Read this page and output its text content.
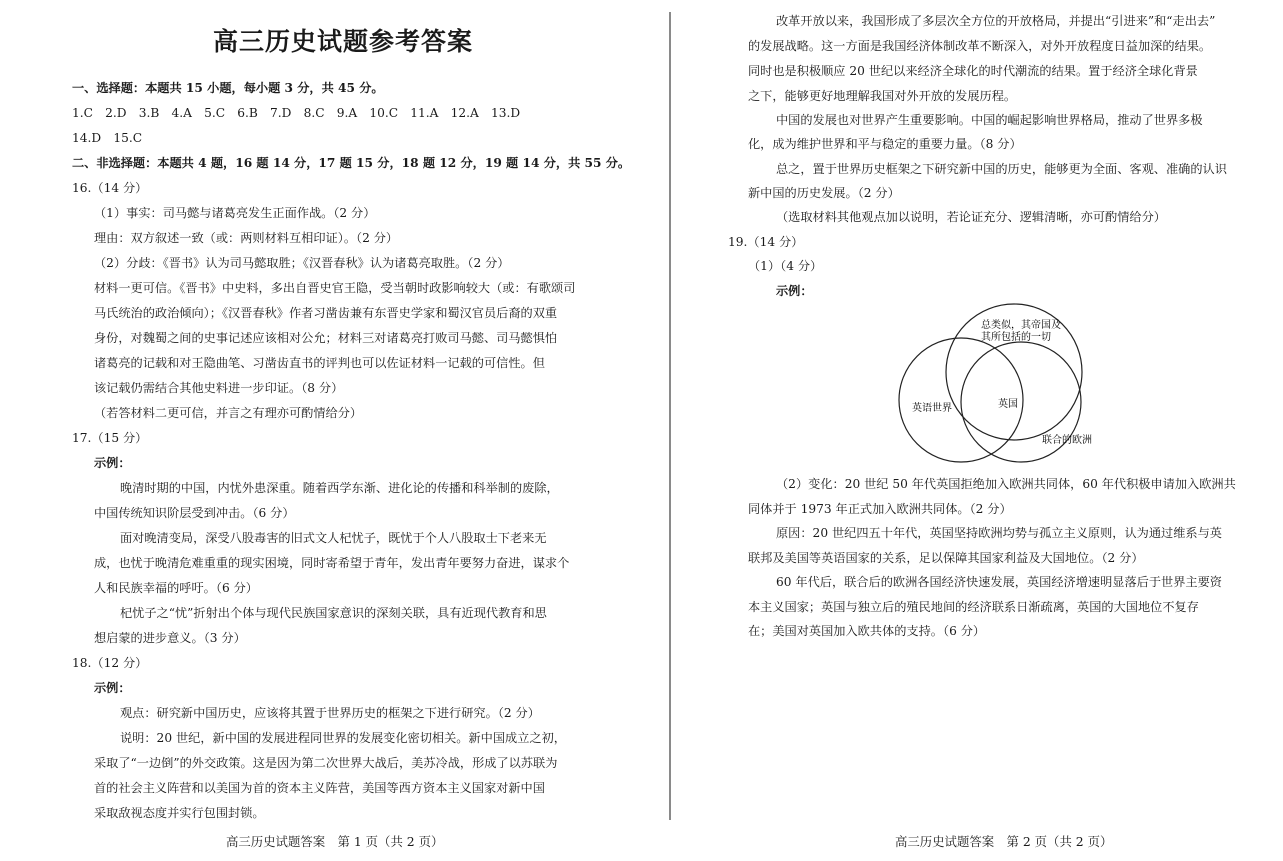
高三历史试题参考答案
一、选择题：本题共 15 小题，每小题 3 分，共 45 分。
1.C　2.D　3.B　4.A　5.C　6.B　7.D　8.C　9.A　10.C　11.A　12.A　13.D
14.D　15.C
二、非选择题：本题共 4 题，16 题 14 分，17 题 15 分，18 题 12 分，19 题 14 分，共 55 分。
16.（14 分）
（1）事实：司马懿与诸葛亮发生正面作战。（2 分）
理由：双方叙述一致（或：两则材料互相印证）。（2 分）
（2）分歧：《晋书》认为司马懿取胜；《汉晋春秋》认为诸葛亮取胜。（2 分）
材料一更可信。《晋书》中史料，多出自晋史官王隐，受当朝时政影响较大（或：有歌颂司
马氏统治的政治倾向）；《汉晋春秋》作者习凿齿兼有东晋史学家和蜀汉官员后裔的双重
身份，对魏蜀之间的史事记述应该相对公允；材料三对诸葛亮打败司马懿、司马懿惧怕
诸葛亮的记载和对王隐曲笔、习凿齿直书的评判也可以佐证材料一记载的可信性。但
该记载仍需结合其他史料进一步印证。（8 分）
（若答材料二更可信，并言之有理亦可酌情给分）
17.（15 分）
示例：
晚清时期的中国，内忧外患深重。随着西学东渐、进化论的传播和科举制的废除，
中国传统知识阶层受到冲击。（6 分）
面对晚清变局，深受八股毒害的旧式文人杞忧子，既忧于个人八股取士下老来无
成，也忧于晚清危难重重的现实困境，同时寄希望于青年，发出青年要努力奋进，谋求个
人和民族幸福的呼吁。（6 分）
杞忧子之“忧”折射出个体与现代民族国家意识的深刻关联，具有近现代教育和思
想启蒙的进步意义。（3 分）
18.（12 分）
示例：
观点：研究新中国历史，应该将其置于世界历史的框架之下进行研究。（2 分）
说明：20 世纪，新中国的发展进程同世界的发展变化密切相关。新中国成立之初，
采取了“一边倒”的外交政策。这是因为第二次世界大战后，美苏冷战，形成了以苏联为
首的社会主义阵营和以美国为首的资本主义阵营，美国等西方资本主义国家对新中国
采取敌视态度并实行包围封锁。
高三历史试题答案　第 1 页（共 2 页）
改革开放以来，我国形成了多层次全方位的开放格局，并提出“引进来”和“走出去”
的发展战略。这一方面是我国经济体制改革不断深入，对外开放程度日益加深的结果。
同时也是积极顺应 20 世纪以来经济全球化的时代潮流的结果。置于经济全球化背景
之下，能够更好地理解我国对外开放的发展历程。
中国的发展也对世界产生重要影响。中国的崛起影响世界格局，推动了世界多极
化，成为维护世界和平与稳定的重要力量。（8 分）
总之，置于世界历史框架之下研究新中国的历史，能够更为全面、客观、准确的认识
新中国的历史发展。（2 分）
（选取材料其他观点加以说明，若论证充分、逻辑清晰，亦可酌情给分）
19.（14 分）
（1）（4 分）
示例：
总类似，其帝国及
其所包括的一切
英语世界	英国
联合的欧洲
（2）变化：20 世纪 50 年代英国拒绝加入欧洲共同体，60 年代积极申请加入欧洲共
同体并于 1973 年正式加入欧洲共同体。（2 分）
原因：20 世纪四五十年代，英国坚持欧洲均势与孤立主义原则，认为通过维系与英
联邦及美国等英语国家的关系，足以保障其国家利益及大国地位。（2 分）
60 年代后，联合后的欧洲各国经济快速发展，英国经济增速明显落后于世界主要资
本主义国家；英国与独立后的殖民地间的经济联系日渐疏离，英国的大国地位不复存
在；美国对英国加入欧共体的支持。（6 分）
高三历史试题答案　第 2 页（共 2 页）
